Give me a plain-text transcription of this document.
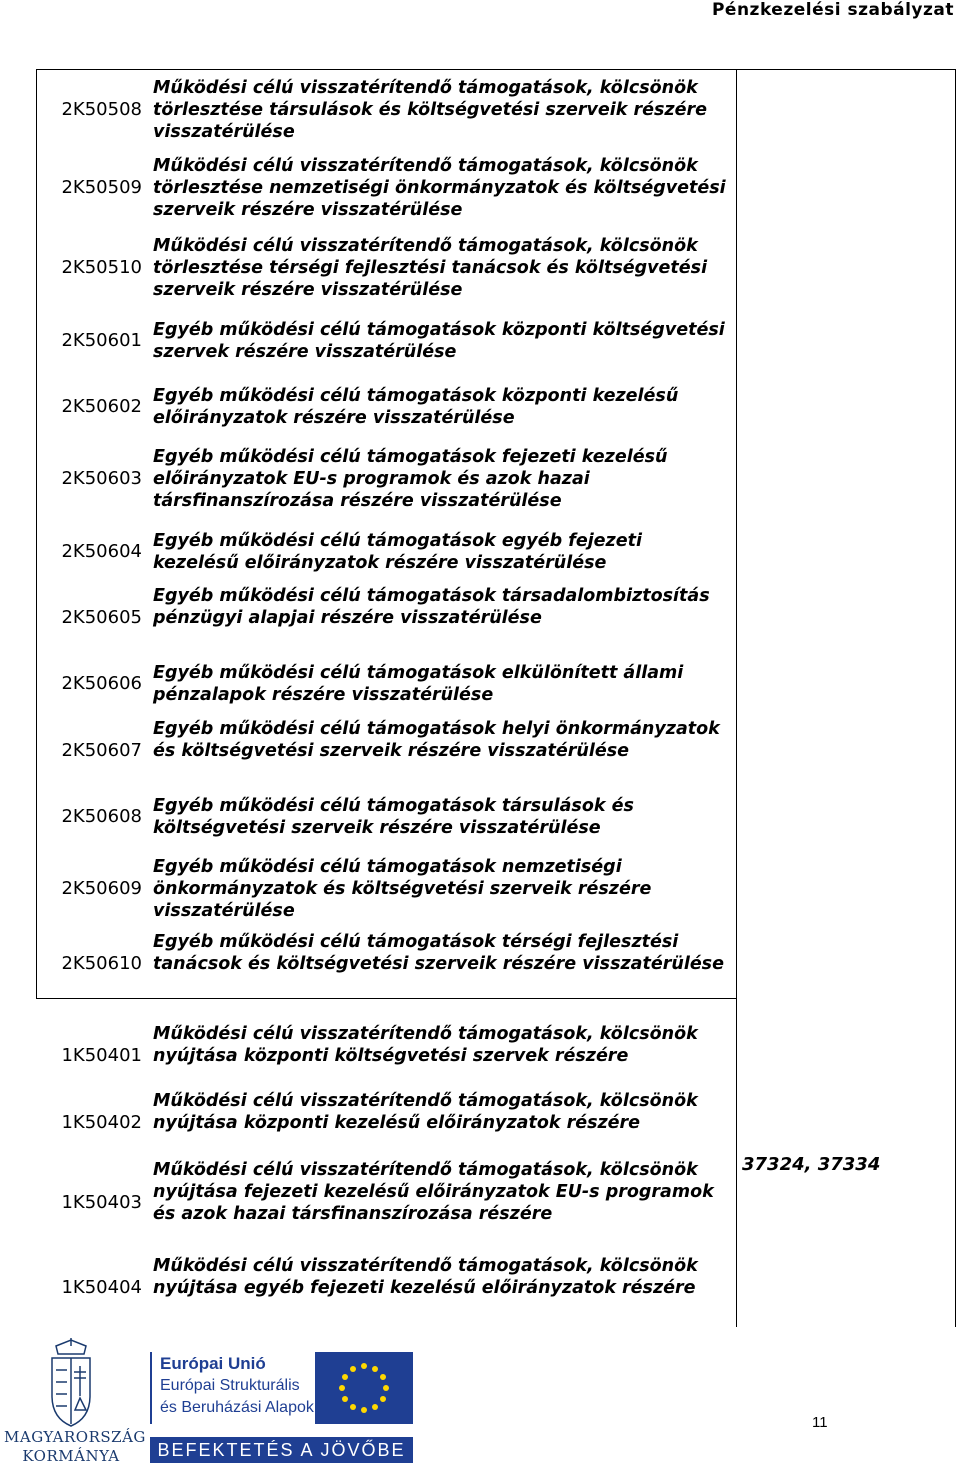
Pénzkezelési szabályzat
2K50508
Működési célú visszatérítendő támogatások, kölcsönök törlesztése társulások és költségvetési szerveik részére visszatérülése
2K50509
Működési célú visszatérítendő támogatások, kölcsönök törlesztése nemzetiségi önkormányzatok és költségvetési szerveik részére visszatérülése
2K50510
Működési célú visszatérítendő támogatások, kölcsönök törlesztése térségi fejlesztési tanácsok és költségvetési szerveik részére visszatérülése
2K50601 Egyéb működési célú támogatások központi költségvetési szervek részére visszatérülése
2K50602 Egyéb működési célú támogatások központi kezelésű előirányzatok részére visszatérülése
2K50603
Egyéb működési célú támogatások fejezeti kezelésű előirányzatok EU-s programok és azok hazai társfinanszírozása részére visszatérülése
2K50604 Egyéb működési célú támogatások egyéb fejezeti kezelésű előirányzatok részére visszatérülése
2K50605
Egyéb működési célú támogatások társadalombiztosítás pénzügyi alapjai részére visszatérülése
2K50606 Egyéb működési célú támogatások elkülönített állami pénzalapok részére visszatérülése
2K50607
Egyéb működési célú támogatások helyi önkormányzatok és költségvetési szerveik részére visszatérülése
2K50608 Egyéb működési célú támogatások társulások és költségvetési szerveik részére visszatérülése
2K50609
Egyéb működési célú támogatások nemzetiségi önkormányzatok és költségvetési szerveik részére visszatérülése
2K50610
Egyéb működési célú támogatások térségi fejlesztési tanácsok és költségvetési szerveik részére visszatérülése
1K50401
Működési célú visszatérítendő támogatások, kölcsönök nyújtása központi költségvetési szervek részére
1K50402
Működési célú visszatérítendő támogatások, kölcsönök nyújtása központi kezelésű előirányzatok részére
1K50403
Működési célú visszatérítendő támogatások, kölcsönök nyújtása fejezeti kezelésű előirányzatok EU-s programok és azok hazai társfinanszírozása részére
1K50404
Működési célú visszatérítendő támogatások, kölcsönök nyújtása egyéb fejezeti kezelésű előirányzatok részére
37324, 37334
MAGYARORSZÁG
KORMÁNYA
Európai Unió
Európai Strukturális
és Beruházási Alapok
BEFEKTETÉS A JÖVŐBE
11
